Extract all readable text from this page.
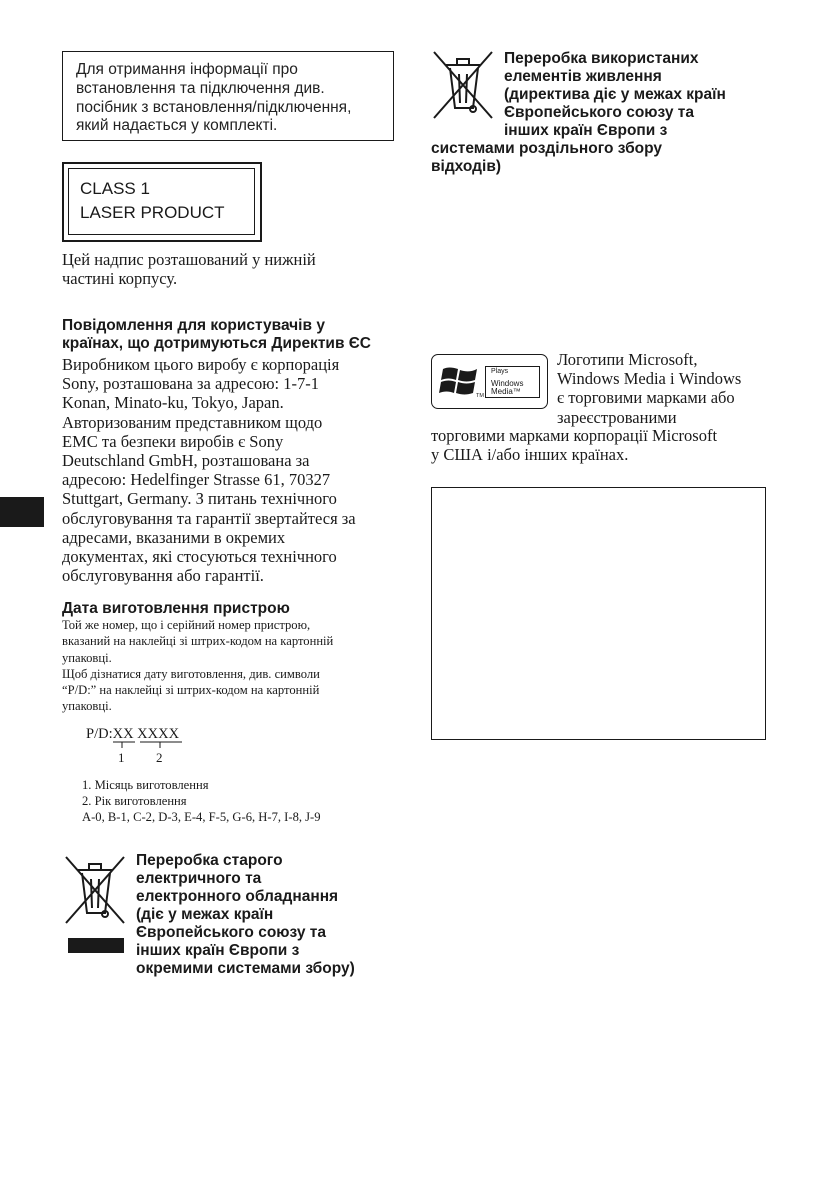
Для отримання інформації про
встановлення та підключення див.
посібник з встановлення/підключення,
який надається у комплекті.
CLASS 1
LASER PRODUCT
Цей надпис розташований у нижній
частині корпусу.
Повідомлення для користувачів у
країнах, що дотримуються Директив ЄС
Виробником цього виробу є корпорація
Sony, розташована за адресою: 1-7-1
Konan, Minato-ku, Tokyo, Japan.
Авторизованим представником щодо
EMC та безпеки виробів є Sony
Deutschland GmbH, розташована за
адресою: Hedelfinger Strasse 61, 70327
Stuttgart, Germany. З питань технічного
обслуговування та гарантії звертайтеся за
адресами, вказаними в окремих
документах, які стосуються технічного
обслуговування або гарантії.
Дата виготовлення пристрою
Той же номер, що і серійний номер пристрою,
вказаний на наклейці зі штрих-кодом на картонній
упаковці.
Щоб дізнатися дату виготовлення, див. символи
“P/D:” на наклейці зі штрих-кодом на картонній
упаковці.
P/D:XX XXXX
1 2
1. Місяць виготовлення
2. Рік виготовлення
A-0, B-1, C-2, D-3, E-4, F-5, G-6, H-7, I-8, J-9
Переробка старого
електричного та
електронного обладнання
(діє у межах країн
Європейського союзу та
інших країн Європи з
окремими системами збору)
Переробка використаних
елементів живлення
(директива діє у межах країн
Європейського союзу та
інших країн Європи з
системами роздільного збору
відходів)
TM
Plays
Windows
Media™
Логотипи Microsoft,
Windows Media і Windows
є торговими марками або
зареєстрованими
торговими марками корпорації Microsoft
у США і/або інших країнах.
